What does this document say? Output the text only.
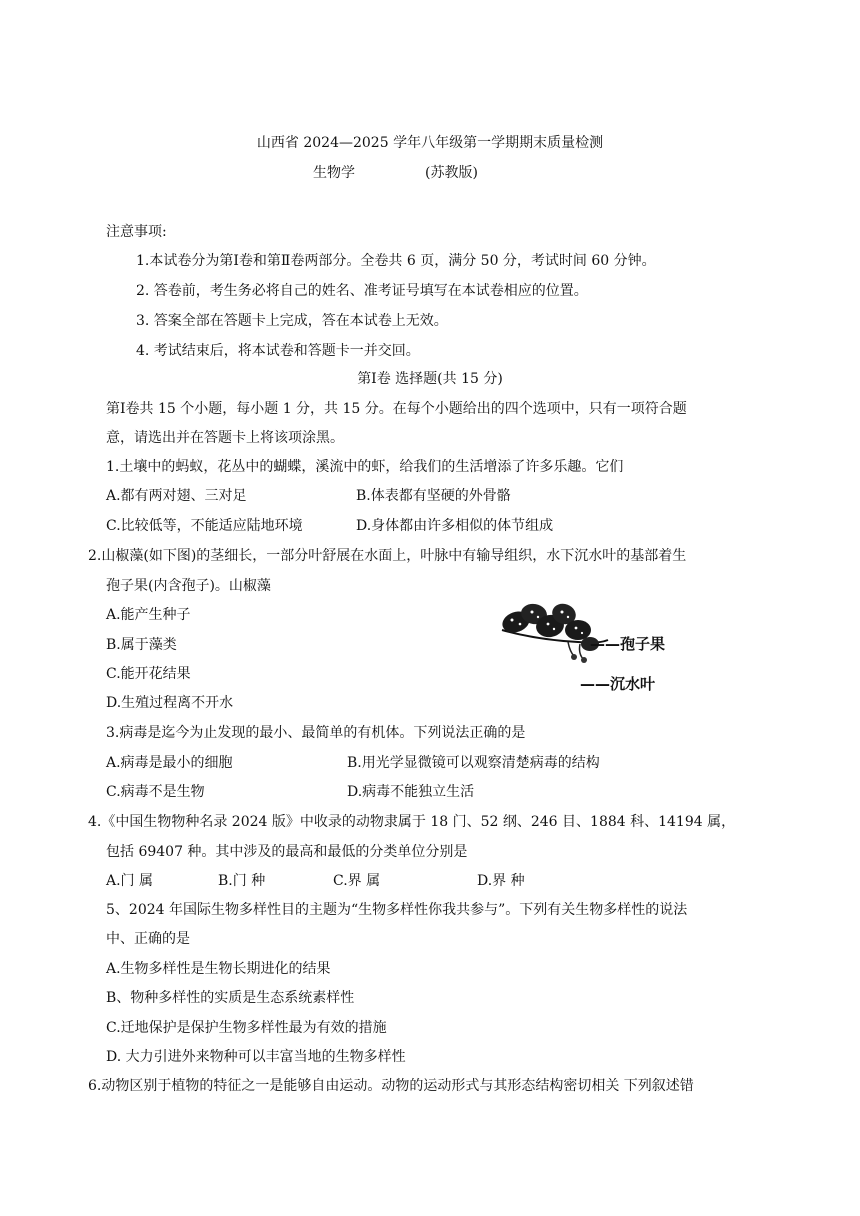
山西省 2024—2025 学年八年级第一学期期末质量检测
生物学	(苏教版)
注意事项:
1.本试卷分为第Ⅰ卷和第Ⅱ卷两部分。全卷共 6 页，满分 50 分，考试时间 60 分钟。
2. 答卷前，考生务必将自己的姓名、准考证号填写在本试卷相应的位置。
3. 答案全部在答题卡上完成，答在本试卷上无效。
4. 考试结束后，将本试卷和答题卡一并交回。
第Ⅰ卷 选择题(共 15 分)
第Ⅰ卷共 15 个小题，每小题 1 分，共 15 分。在每个小题给出的四个选项中，只有一项符合题
意，请选出并在答题卡上将该项涂黑。
1.土壤中的蚂蚁，花丛中的蝴蝶，溪流中的虾，给我们的生活增添了许多乐趣。它们
A.都有两对翅、三对足	B.体表都有坚硬的外骨骼
C.比较低等，不能适应陆地环境	D.身体都由许多相似的体节组成
2.山椒藻(如下图)的茎细长，一部分叶舒展在水面上，叶脉中有输导组织，水下沉水叶的基部着生
孢子果(内含孢子)。山椒藻
A.能产生种子
B.属于藻类
C.能开花结果
D.生殖过程离不开水
——孢子果
——沉水叶
3.病毒是迄今为止发现的最小、最简单的有机体。下列说法正确的是
A.病毒是最小的细胞	B.用光学显微镜可以观察清楚病毒的结构
C.病毒不是生物	D.病毒不能独立生活
4.《中国生物物种名录 2024 版》中收录的动物隶属于 18 门、52 纲、246 目、1884 科、14194 属，
包括 69407 种。其中涉及的最高和最低的分类单位分别是
A.门 属	B.门 种	C.界 属	D.界 种
5、2024 年国际生物多样性目的主题为“生物多样性你我共参与”。下列有关生物多样性的说法
中、正确的是
A.生物多样性是生物长期进化的结果
B、物种多样性的实质是生态系统素样性
C.迁地保护是保护生物多样性最为有效的措施
D. 大力引进外来物种可以丰富当地的生物多样性
6.动物区别于植物的特征之一是能够自由运动。动物的运动形式与其形态结构密切相关 下列叙述错
